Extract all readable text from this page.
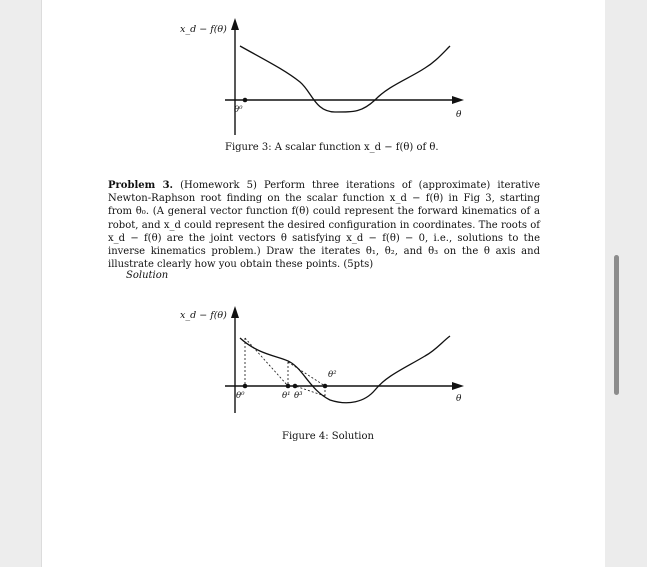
θ⁰	θ
x_d − f(θ)
Figure 3: A scalar function x_d − f(θ) of θ.
Problem 3. (Homework 5) Perform three iterations of (approximate) iterative Newton-Raphson root finding on the scalar function x_d − f(θ) in Fig 3, starting from θ₀. (A general vector function f(θ) could represent the forward kinematics of a robot, and x_d could represent the desired configuration in coordinates. The roots of x_d − f(θ) are the joint vectors θ satisfying x_d − f(θ) − 0, i.e., solutions to the inverse kinematics problem.) Draw the iterates θ₁, θ₂, and θ₃ on the θ axis and illustrate clearly how you obtain these points. (5pts)
Solution
θ⁰	θ¹ θ³
θ²
θ
x_d − f(θ)
Figure 4: Solution
